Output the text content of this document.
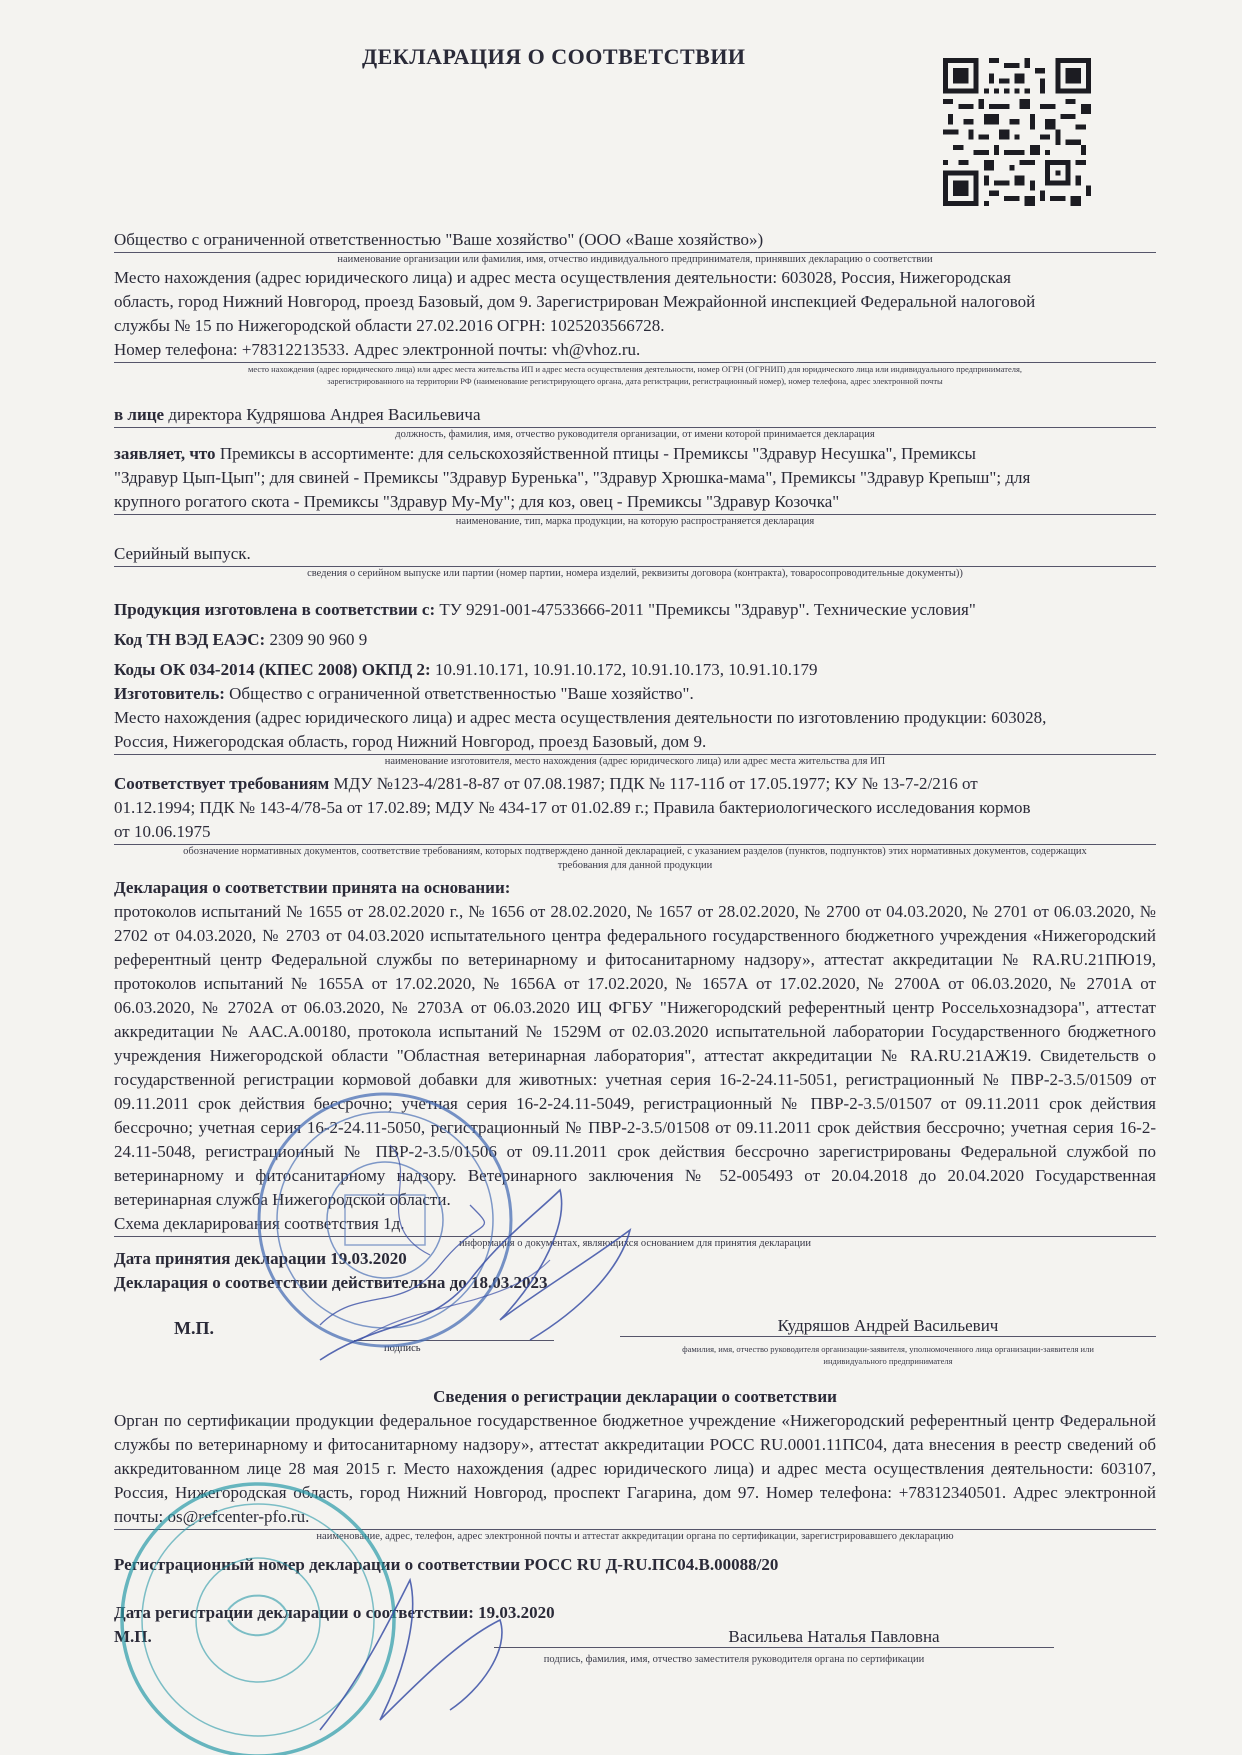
ДЕКЛАРАЦИЯ О СООТВЕТСТВИИ
Общество с ограниченной ответственностью "Ваше хозяйство" (ООО «Ваше хозяйство»)
наименование организации или фамилия, имя, отчество индивидуального предпринимателя, принявших декларацию о соответствии
Место нахождения (адрес юридического лица) и адрес места осуществления деятельности: 603028, Россия, Нижегородская
область, город Нижний Новгород, проезд Базовый, дом 9. Зарегистрирован Межрайонной инспекцией Федеральной налоговой
службы № 15 по Нижегородской области 27.02.2016 ОГРН: 1025203566728.
Номер телефона: +78312213533. Адрес электронной почты: vh@vhoz.ru.
место нахождения (адрес юридического лица) или адрес места жительства ИП и адрес места осуществления деятельности, номер ОГРН (ОГРНИП) для юридического лица или индивидуального предпринимателя,
зарегистрированного на территории РФ (наименование регистрирующего органа, дата регистрации, регистрационный номер), номер телефона, адрес электронной почты
в лице директора Кудряшова Андрея Васильевича
должность, фамилия, имя, отчество руководителя организации, от имени которой принимается декларация
заявляет, что Премиксы в ассортименте: для сельскохозяйственной птицы - Премиксы "Здравур Несушка", Премиксы
"Здравур Цып-Цып"; для свиней - Премиксы "Здравур Буренька", "Здравур Хрюшка-мама", Премиксы "Здравур Крепыш"; для
крупного рогатого скота - Премиксы "Здравур Му-Му"; для коз, овец - Премиксы "Здравур Козочка"
наименование, тип, марка продукции, на которую распространяется декларация
Серийный выпуск.
сведения о серийном выпуске или партии (номер партии, номера изделий, реквизиты договора (контракта), товаросопроводительные документы))
Продукция изготовлена в соответствии с: ТУ 9291-001-47533666-2011 "Премиксы "Здравур". Технические условия"
Код ТН ВЭД ЕАЭС: 2309 90 960 9
Коды ОК 034-2014 (КПЕС 2008) ОКПД 2: 10.91.10.171, 10.91.10.172, 10.91.10.173, 10.91.10.179
Изготовитель: Общество с ограниченной ответственностью "Ваше хозяйство".
Место нахождения (адрес юридического лица) и адрес места осуществления деятельности по изготовлению продукции: 603028,
Россия, Нижегородская область, город Нижний Новгород, проезд Базовый, дом 9.
наименование изготовителя, место нахождения (адрес юридического лица) или адрес места жительства для ИП
Соответствует требованиям МДУ №123-4/281-8-87 от 07.08.1987; ПДК № 117-11б от 17.05.1977; КУ № 13-7-2/216 от
01.12.1994; ПДК № 143-4/78-5а от 17.02.89; МДУ № 434-17 от 01.02.89 г.; Правила бактериологического исследования кормов
от 10.06.1975
обозначение нормативных документов, соответствие требованиям, которых подтверждено данной декларацией, с указанием разделов (пунктов, подпунктов) этих нормативных документов, содержащих требования для данной продукции
Декларация о соответствии принята на основании:
протоколов испытаний № 1655 от 28.02.2020 г., № 1656 от 28.02.2020, № 1657 от 28.02.2020, № 2700 от 04.03.2020, № 2701 от 06.03.2020, № 2702 от 04.03.2020, № 2703 от 04.03.2020 испытательного центра федерального государственного бюджетного учреждения «Нижегородский референтный центр Федеральной службы по ветеринарному и фитосанитарному надзору», аттестат аккредитации № RA.RU.21ПЮ19, протоколов испытаний № 1655А от 17.02.2020, № 1656А от 17.02.2020, № 1657А от 17.02.2020, № 2700А от 06.03.2020, № 2701А от 06.03.2020, № 2702А от 06.03.2020, № 2703А от 06.03.2020 ИЦ ФГБУ "Нижегородский референтный центр Россельхознадзора", аттестат аккредитации № ААС.А.00180, протокола испытаний № 1529М от 02.03.2020 испытательной лаборатории Государственного бюджетного учреждения Нижегородской области "Областная ветеринарная лаборатория", аттестат аккредитации № RA.RU.21АЖ19. Свидетельств о государственной регистрации кормовой добавки для животных: учетная серия 16-2-24.11-5051, регистрационный № ПВР-2-3.5/01509 от 09.11.2011 срок действия бессрочно; учетная серия 16-2-24.11-5049, регистрационный № ПВР-2-3.5/01507 от 09.11.2011 срок действия бессрочно; учетная серия 16-2-24.11-5050, регистрационный № ПВР-2-3.5/01508 от 09.11.2011 срок действия бессрочно; учетная серия 16-2-24.11-5048, регистрационный № ПВР-2-3.5/01506 от 09.11.2011 срок действия бессрочно зарегистрированы Федеральной службой по ветеринарному и фитосанитарному надзору. Ветеринарного заключения № 52-005493 от 20.04.2018 до 20.04.2020 Государственная ветеринарная служба Нижегородской области.
Схема декларирования соответствия 1д.
информация о документах, являющихся основанием для принятия декларации
Дата принятия декларации 19.03.2020
Декларация о соответствии действительна до 18.03.2023
М.П.
подпись
Кудряшов Андрей Васильевич
фамилия, имя, отчество руководителя организации-заявителя, уполномоченного лица организации-заявителя или
индивидуального предпринимателя
Сведения о регистрации декларации о соответствии
Орган по сертификации продукции федеральное государственное бюджетное учреждение «Нижегородский референтный центр Федеральной службы по ветеринарному и фитосанитарному надзору», аттестат аккредитации РОСС RU.0001.11ПС04, дата внесения в реестр сведений об аккредитованном лице 28 мая 2015 г. Место нахождения (адрес юридического лица) и адрес места осуществления деятельности: 603107, Россия, Нижегородская область, город Нижний Новгород, проспект Гагарина, дом 97. Номер телефона: +78312340501. Адрес электронной почты: os@refcenter-pfo.ru.
наименование, адрес, телефон, адрес электронной почты и аттестат аккредитации органа по сертификации, зарегистрировавшего декларацию
Регистрационный номер декларации о соответствии РОСС RU Д-RU.ПС04.В.00088/20
Дата регистрации декларации о соответствии: 19.03.2020
М.П.	Васильева Наталья Павловна
подпись, фамилия, имя, отчество заместителя руководителя органа по сертификации
